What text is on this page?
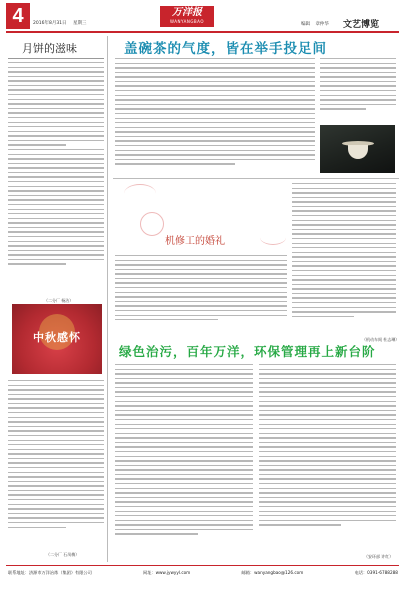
4	2016年8月31日 星期三
万洋报
WANYANGBAO
编辑 章仲华	文艺博览
月饼的滋味
（二分厂 杨洁）
中秋感怀
（二分厂 石凤梅）
盖碗茶的气度，皆在举手投足间
机修工的婚礼
（机动车间 杜志琳）
绿色治污，百年万洋，环保管理再上新台阶
（安环部 许红）
联系地址：济源市万洋冶炼（集团）有限公司	网址：www.jywyyl.com	邮箱：wanyangbao@126.com	电话：0391-6788288
